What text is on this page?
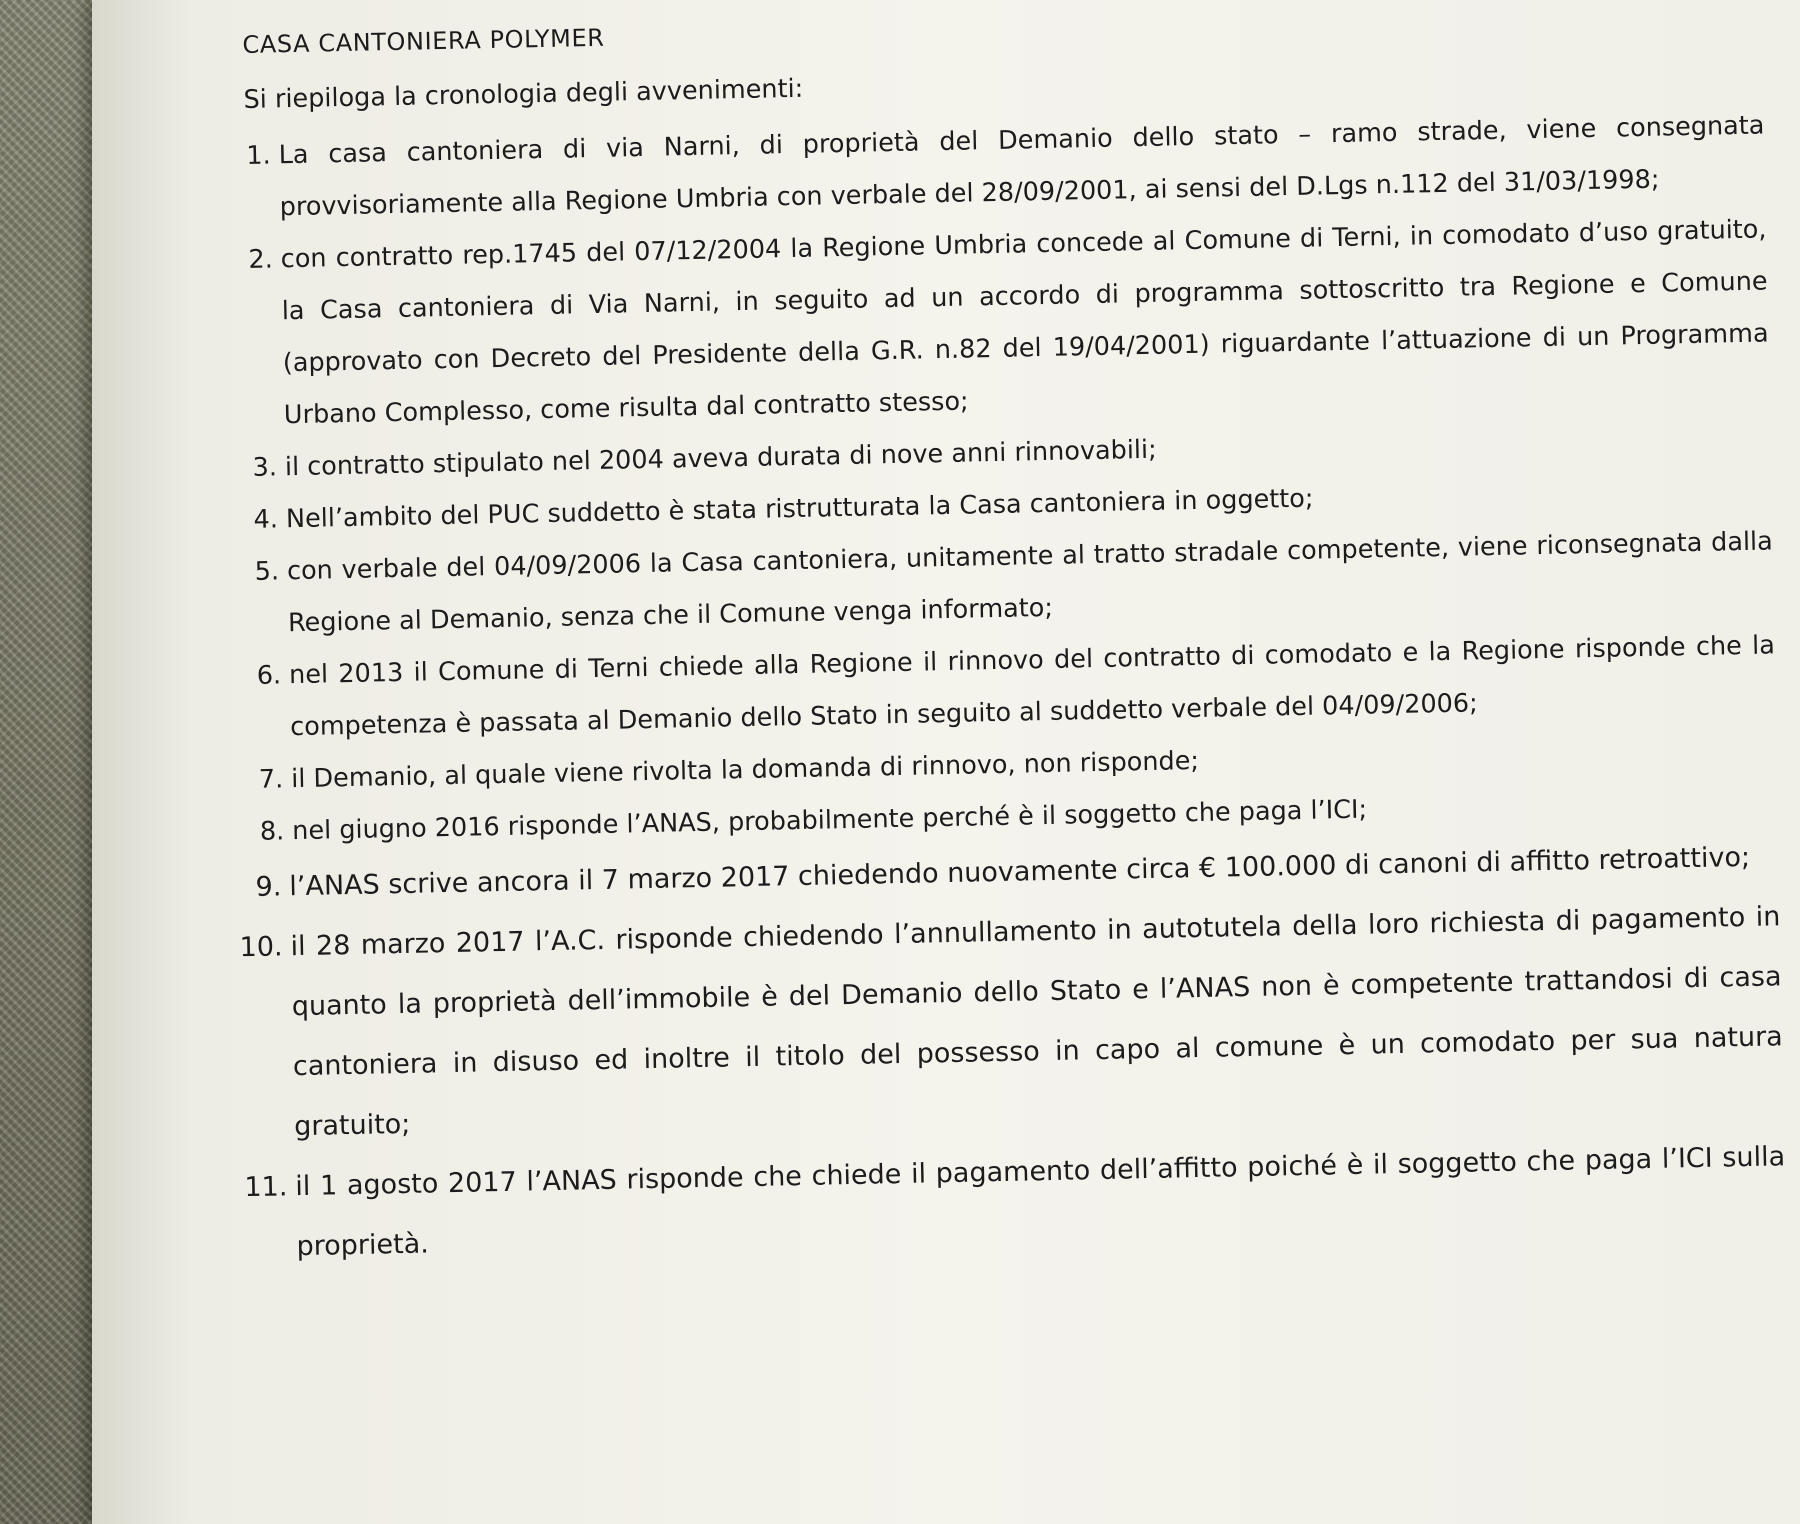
CASA CANTONIERA POLYMER
Si riepiloga la cronologia degli avvenimenti:
1. La casa cantoniera di via Narni, di proprietà del Demanio dello stato – ramo strade, viene consegnata provvisoriamente alla Regione Umbria con verbale del 28/09/2001, ai sensi del D.Lgs n.112 del 31/03/1998;
2. con contratto rep.1745 del 07/12/2004 la Regione Umbria concede al Comune di Terni, in comodato d’uso gratuito, la Casa cantoniera di Via Narni, in seguito ad un accordo di programma sottoscritto tra Regione e Comune (approvato con Decreto del Presidente della G.R. n.82 del 19/04/2001) riguardante l’attuazione di un Programma Urbano Complesso, come risulta dal contratto stesso;
3. il contratto stipulato nel 2004 aveva durata di nove anni rinnovabili;
4. Nell’ambito del PUC suddetto è stata ristrutturata la Casa cantoniera in oggetto;
5. con verbale del 04/09/2006 la Casa cantoniera, unitamente al tratto stradale competente, viene riconsegnata dalla Regione al Demanio, senza che il Comune venga informato;
6. nel 2013 il Comune di Terni chiede alla Regione il rinnovo del contratto di comodato e la Regione risponde che la competenza è passata al Demanio dello Stato in seguito al suddetto verbale del 04/09/2006;
7. il Demanio, al quale viene rivolta la domanda di rinnovo, non risponde;
8. nel giugno 2016 risponde l’ANAS, probabilmente perché è il soggetto che paga l’ICI;
9. l’ANAS scrive ancora il 7 marzo 2017 chiedendo nuovamente circa € 100.000 di canoni di affitto retroattivo;
10. il 28 marzo 2017 l’A.C. risponde chiedendo l’annullamento in autotutela della loro richiesta di pagamento in quanto la proprietà dell’immobile è del Demanio dello Stato e l’ANAS non è competente trattandosi di casa cantoniera in disuso ed inoltre il titolo del possesso in capo al comune è un comodato per sua natura gratuito;
11. il 1 agosto 2017 l’ANAS risponde che chiede il pagamento dell’affitto poiché è il soggetto che paga l’ICI sulla proprietà.
